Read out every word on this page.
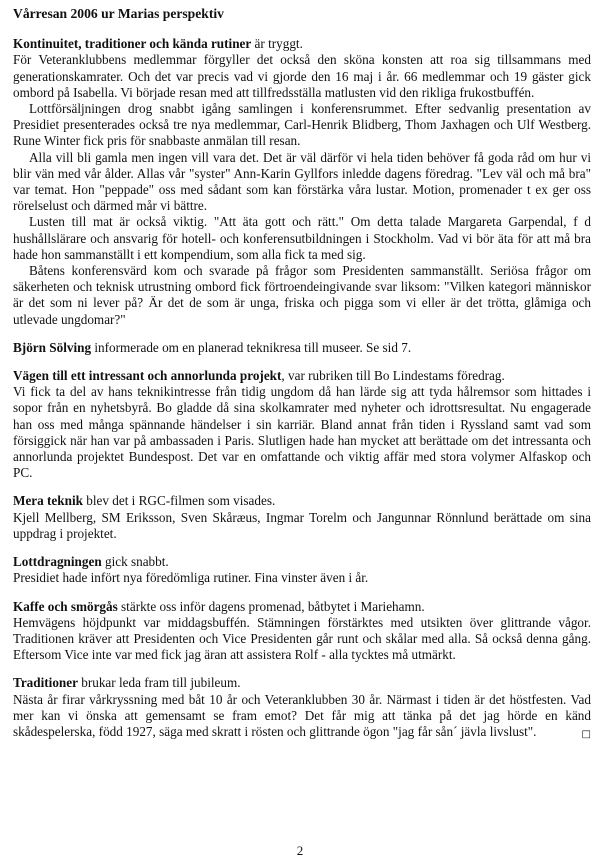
Vårresan 2006 ur Marias perspektiv

Kontinuitet, traditioner och kända rutiner är tryggt.

För Veteranklubbens medlemmar förgyller det också den sköna konsten att roa sig tillsammans med generationskamrater. Och det var precis vad vi gjorde den 16 maj i år. 66 medlemmar och 19 gäster gick ombord på Isabella. Vi började resan med att tillfredsställa matlusten vid den rikliga frukostbuffén.

Lottförsäljningen drog snabbt igång samlingen i konferensrummet. Efter sedvanlig presentation av Presidiet presenterades också tre nya medlemmar, Carl-Henrik Blidberg, Thom Jaxhagen och Ulf Westberg. Rune Winter fick pris för snabbaste anmälan till resan.

Alla vill bli gamla men ingen vill vara det. Det är väl därför vi hela tiden behöver få goda råd om hur vi blir vän med vår ålder. Allas vår "syster" Ann-Karin Gyllfors inledde dagens föredrag. "Lev väl och må bra" var temat. Hon "peppade" oss med sådant som kan förstärka våra lustar. Motion, promenader t ex ger oss rörelselust och därmed mår vi bättre.

Lusten till mat är också viktig. "Att äta gott och rätt." Om detta talade Margareta Garpendal, f d hushållslärare och ansvarig för hotell- och konferensutbildningen i Stockholm. Vad vi bör äta för att må bra hade hon sammanställt i ett kompendium, som alla fick ta med sig.

Båtens konferensvärd kom och svarade på frågor som Presidenten sammanställt. Seriösa frågor om säkerheten och teknisk utrustning ombord fick förtroendeingivande svar liksom: "Vilken kategori människor är det som ni lever på? Är det de som är unga, friska och pigga som vi eller är det trötta, glåmiga och utlevade ungdomar?"

Björn Sölving informerade om en planerad teknikresa till museer. Se sid 7.

Vägen till ett intressant och annorlunda projekt, var rubriken till Bo Lindestams föredrag.

Vi fick ta del av hans teknikintresse från tidig ungdom då han lärde sig att tyda hålremsor som hittades i sopor från en nyhetsbyrå. Bo gladde då sina skolkamrater med nyheter och idrottsresultat. Nu engagerade han oss med många spännande händelser i sin karriär. Bland annat från tiden i Ryssland samt vad som försiggick när han var på ambassaden i Paris. Slutligen hade han mycket att berättade om det intressanta och annorlunda projektet Bundespost. Det var en omfattande och viktig affär med stora volymer Alfaskop och PC.

Mera teknik blev det i RGC-filmen som visades.

Kjell Mellberg, SM Eriksson, Sven Skåræus, Ingmar Torelm och Jangunnar Rönnlund berättade om sina uppdrag i projektet.

Lottdragningen gick snabbt.

Presidiet hade infört nya föredömliga rutiner. Fina vinster även i år.

Kaffe och smörgås stärkte oss inför dagens promenad, båtbytet i Mariehamn.

Hemvägens höjdpunkt var middagsbuffén. Stämningen förstärktes med utsikten över glittrande vågor. Traditionen kräver att Presidenten och Vice Presidenten går runt och skålar med alla. Så också denna gång. Eftersom Vice inte var med fick jag äran att assistera Rolf - alla tycktes må utmärkt.

Traditioner brukar leda fram till jubileum.

Nästa år firar vårkryssning med båt 10 år och Veteranklubben 30 år. Närmast i tiden är det höstfesten. Vad mer kan vi önska att gemensamt se fram emot? Det får mig att tänka på det jag hörde en känd skådespelerska, född 1927, säga med skratt i rösten och glittrande ögon "jag får sån´ jävla livslust".	□

2
